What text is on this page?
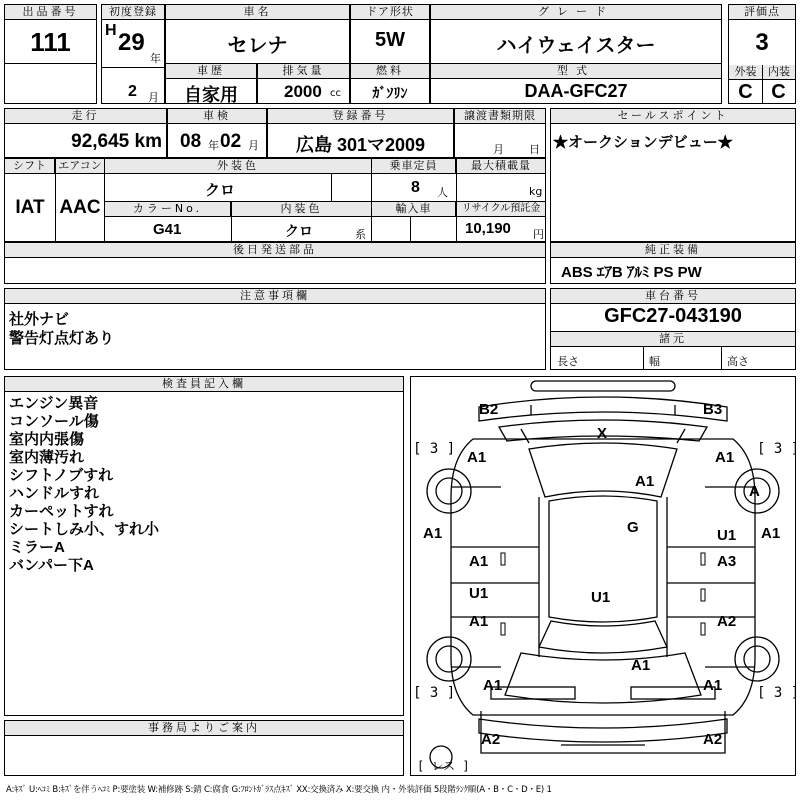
出品番号
111
初度登録
H 29
年
2 月
車名
セレナ
ドア形状
5W
グレード
ハイウェイスター
評価点
3
外装	内装
C C
車歴
自家用
排気量
2000 cc
燃料
ｶﾞｿﾘﾝ
型式
DAA-GFC27
走行
92,645 km
車検
08 年 02 月
登録番号
広島 301マ2009
譲渡書類期限
月 日
セールスポイント
★オークションデビュー★
シフト
IAT
エアコン
AAC
外装色
クロ
乗車定員
8 人
最大積載量
kg
カラーNo.
G41
内装色
クロ	系
輸入車	リサイクル預託金
10,190 円
後日発送部品	純正装備
ABS ｴｱB ｱﾙﾐ PS PW
注意事項欄
社外ナビ
警告灯点灯あり
車台番号
GFC27-043190
諸元
長さ	幅	高さ
検査員記入欄
エンジン異音
コンソール傷
室内内張傷
室内薄汚れ
シフトノブすれ
ハンドルすれ
カーペットすれ
シートしみ小、すれ小
ミラーA
バンパー下A
事務局よりご案内
B2	B3
X
[ 3 ]	[ 3 ]
A1	A1
A1
A
A1	G	U1 A1
A1	A3
U1	U1
A1	A2
A1
A1	A1
[ 3 ]	[ 3 ]
A2	A2
[ レス ]
A:ｷｽﾞ U:ﾍｺﾐ B:ｷｽﾞを伴うﾍｺﾐ P:要塗装 W:補修跡 S:錆 C:腐食 G:ﾌﾛﾝﾄｶﾞﾗｽ点ｷｽﾞ XX:交換済み X:要交換 内・外装評価 5段階ﾗﾝｸ順(A・B・C・D・E) 1
